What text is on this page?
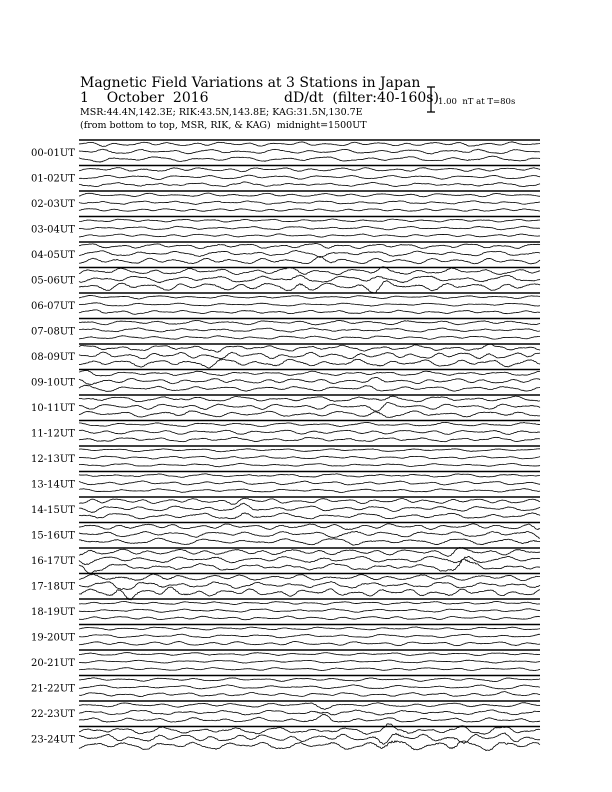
Magnetic Field Variations at 3 Stations in Japan
1    October  2016	dD/dt  (filter:40-160s)
MSR:44.4N,142.3E; RIK:43.5N,143.8E; KAG:31.5N,130.7E
(from bottom to top, MSR, RIK, & KAG)  midnight=1500UT
1.00  nT at T=80s
00-01UT
01-02UT
02-03UT
03-04UT
04-05UT
05-06UT
06-07UT
07-08UT
08-09UT
09-10UT
10-11UT
11-12UT
12-13UT
13-14UT
14-15UT
15-16UT
16-17UT
17-18UT
18-19UT
19-20UT
20-21UT
21-22UT
22-23UT
23-24UT
